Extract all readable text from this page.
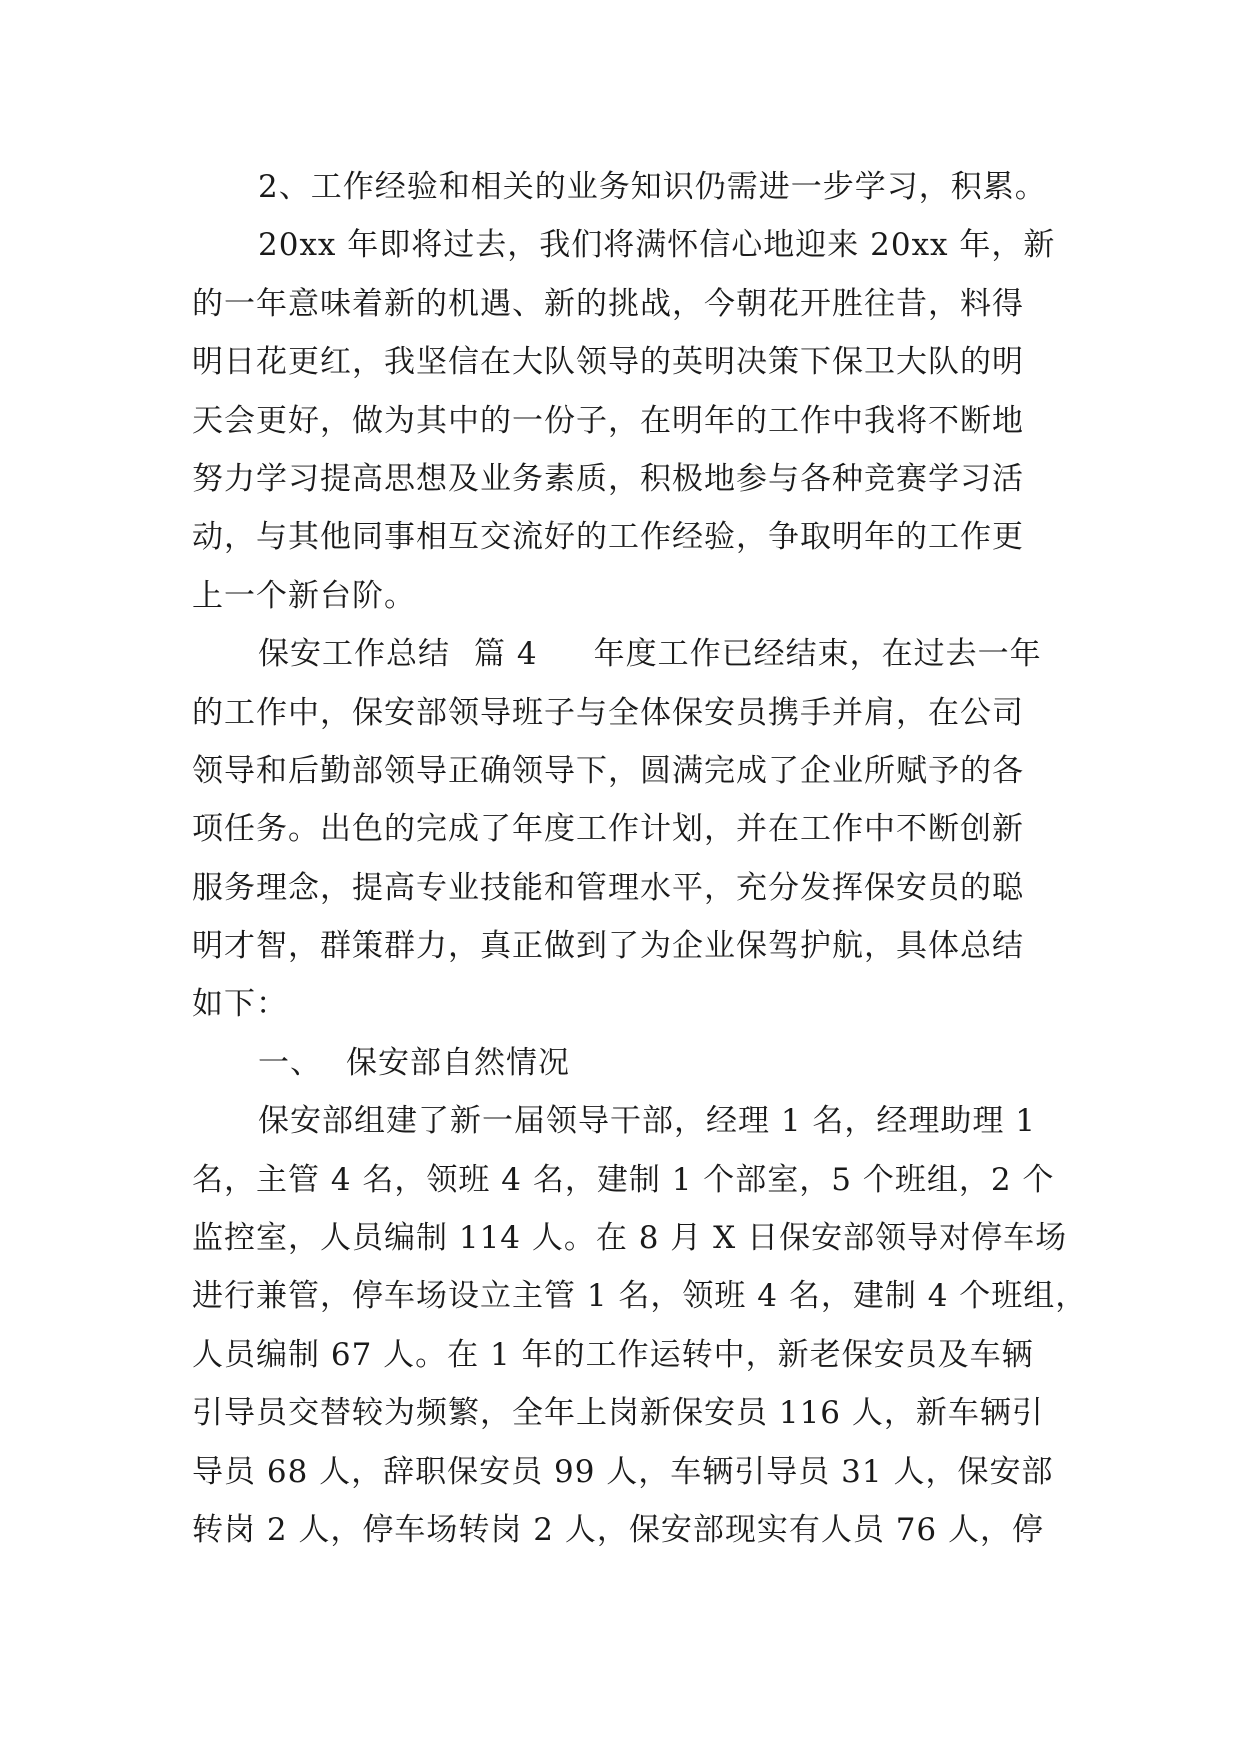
2、工作经验和相关的业务知识仍需进一步学习，积累。
20xx 年即将过去，我们将满怀信心地迎来 20xx 年，新
的一年意味着新的机遇、新的挑战，今朝花开胜往昔，料得
明日花更红，我坚信在大队领导的英明决策下保卫大队的明
天会更好，做为其中的一份子，在明年的工作中我将不断地
努力学习提高思想及业务素质，积极地参与各种竞赛学习活
动，与其他同事相互交流好的工作经验，争取明年的工作更
上一个新台阶。
保安工作总结 篇 4 年度工作已经结束，在过去一年
的工作中，保安部领导班子与全体保安员携手并肩，在公司
领导和后勤部领导正确领导下，圆满完成了企业所赋予的各
项任务。出色的完成了年度工作计划，并在工作中不断创新
服务理念，提高专业技能和管理水平，充分发挥保安员的聪
明才智，群策群力，真正做到了为企业保驾护航，具体总结
如下：
一、 保安部自然情况
保安部组建了新一届领导干部，经理 1 名，经理助理 1
名，主管 4 名，领班 4 名，建制 1 个部室，5 个班组，2 个
监控室，人员编制 114 人。在 8 月 X 日保安部领导对停车场
进行兼管，停车场设立主管 1 名，领班 4 名，建制 4 个班组，
人员编制 67 人。在 1 年的工作运转中，新老保安员及车辆
引导员交替较为频繁，全年上岗新保安员 116 人，新车辆引
导员 68 人，辞职保安员 99 人，车辆引导员 31 人，保安部
转岗 2 人，停车场转岗 2 人，保安部现实有人员 76 人，停
